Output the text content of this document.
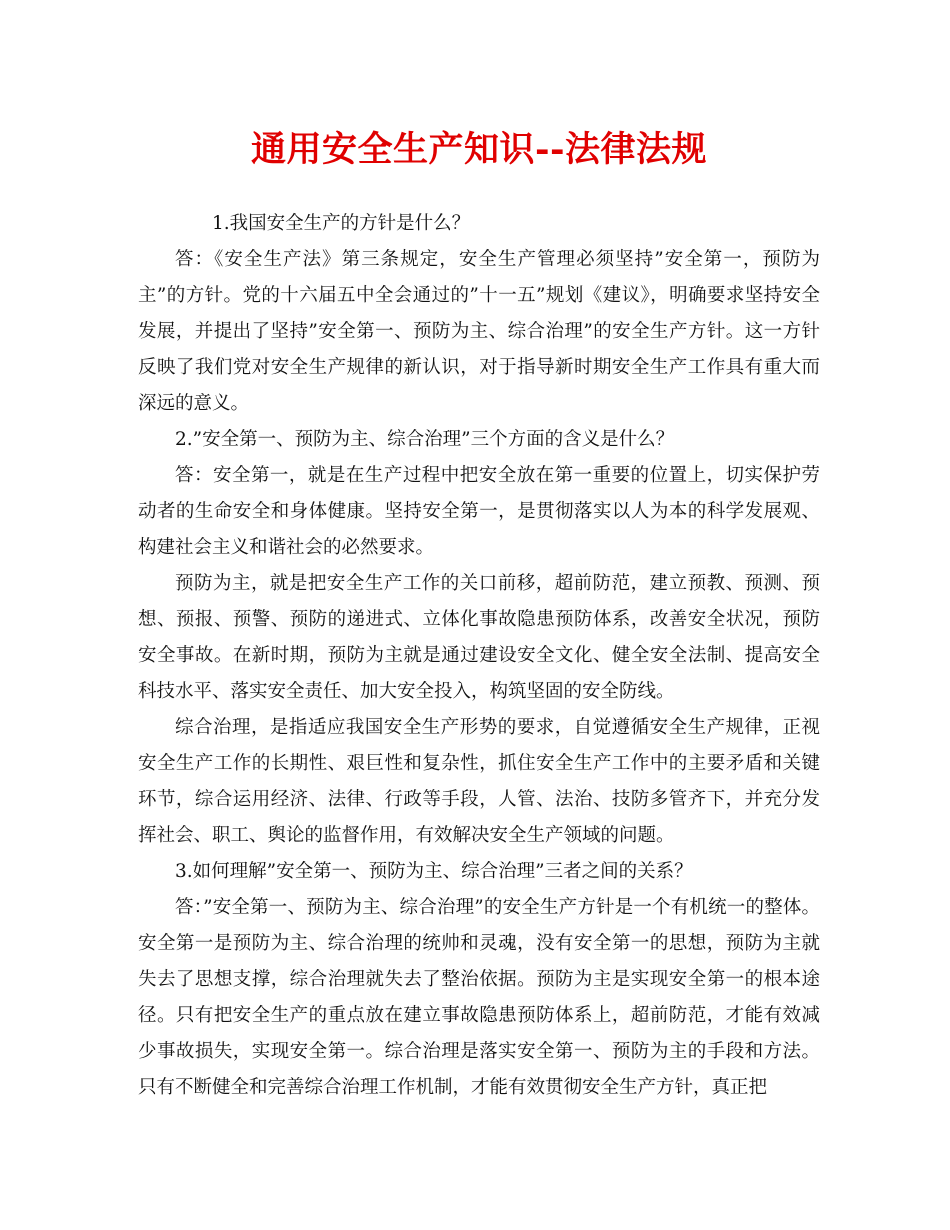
通用安全生产知识--法律法规

1.我国安全生产的方针是什么？

答：《安全生产法》第三条规定，安全生产管理必须坚持”安全第一，预防为主”的方针。党的十六届五中全会通过的”十一五”规划《建议》，明确要求坚持安全发展，并提出了坚持”安全第一、预防为主、综合治理”的安全生产方针。这一方针反映了我们党对安全生产规律的新认识，对于指导新时期安全生产工作具有重大而深远的意义。

2.”安全第一、预防为主、综合治理”三个方面的含义是什么？

答：安全第一，就是在生产过程中把安全放在第一重要的位置上，切实保护劳动者的生命安全和身体健康。坚持安全第一，是贯彻落实以人为本的科学发展观、构建社会主义和谐社会的必然要求。

预防为主，就是把安全生产工作的关口前移，超前防范，建立预教、预测、预想、预报、预警、预防的递进式、立体化事故隐患预防体系，改善安全状况，预防安全事故。在新时期，预防为主就是通过建设安全文化、健全安全法制、提高安全科技水平、落实安全责任、加大安全投入，构筑坚固的安全防线。

综合治理，是指适应我国安全生产形势的要求，自觉遵循安全生产规律，正视安全生产工作的长期性、艰巨性和复杂性，抓住安全生产工作中的主要矛盾和关键环节，综合运用经济、法律、行政等手段，人管、法治、技防多管齐下，并充分发挥社会、职工、舆论的监督作用，有效解决安全生产领域的问题。

3.如何理解”安全第一、预防为主、综合治理”三者之间的关系？

答：”安全第一、预防为主、综合治理”的安全生产方针是一个有机统一的整体。安全第一是预防为主、综合治理的统帅和灵魂，没有安全第一的思想，预防为主就失去了思想支撑，综合治理就失去了整治依据。预防为主是实现安全第一的根本途径。只有把安全生产的重点放在建立事故隐患预防体系上，超前防范，才能有效减少事故损失，实现安全第一。综合治理是落实安全第一、预防为主的手段和方法。只有不断健全和完善综合治理工作机制，才能有效贯彻安全生产方针，真正把
